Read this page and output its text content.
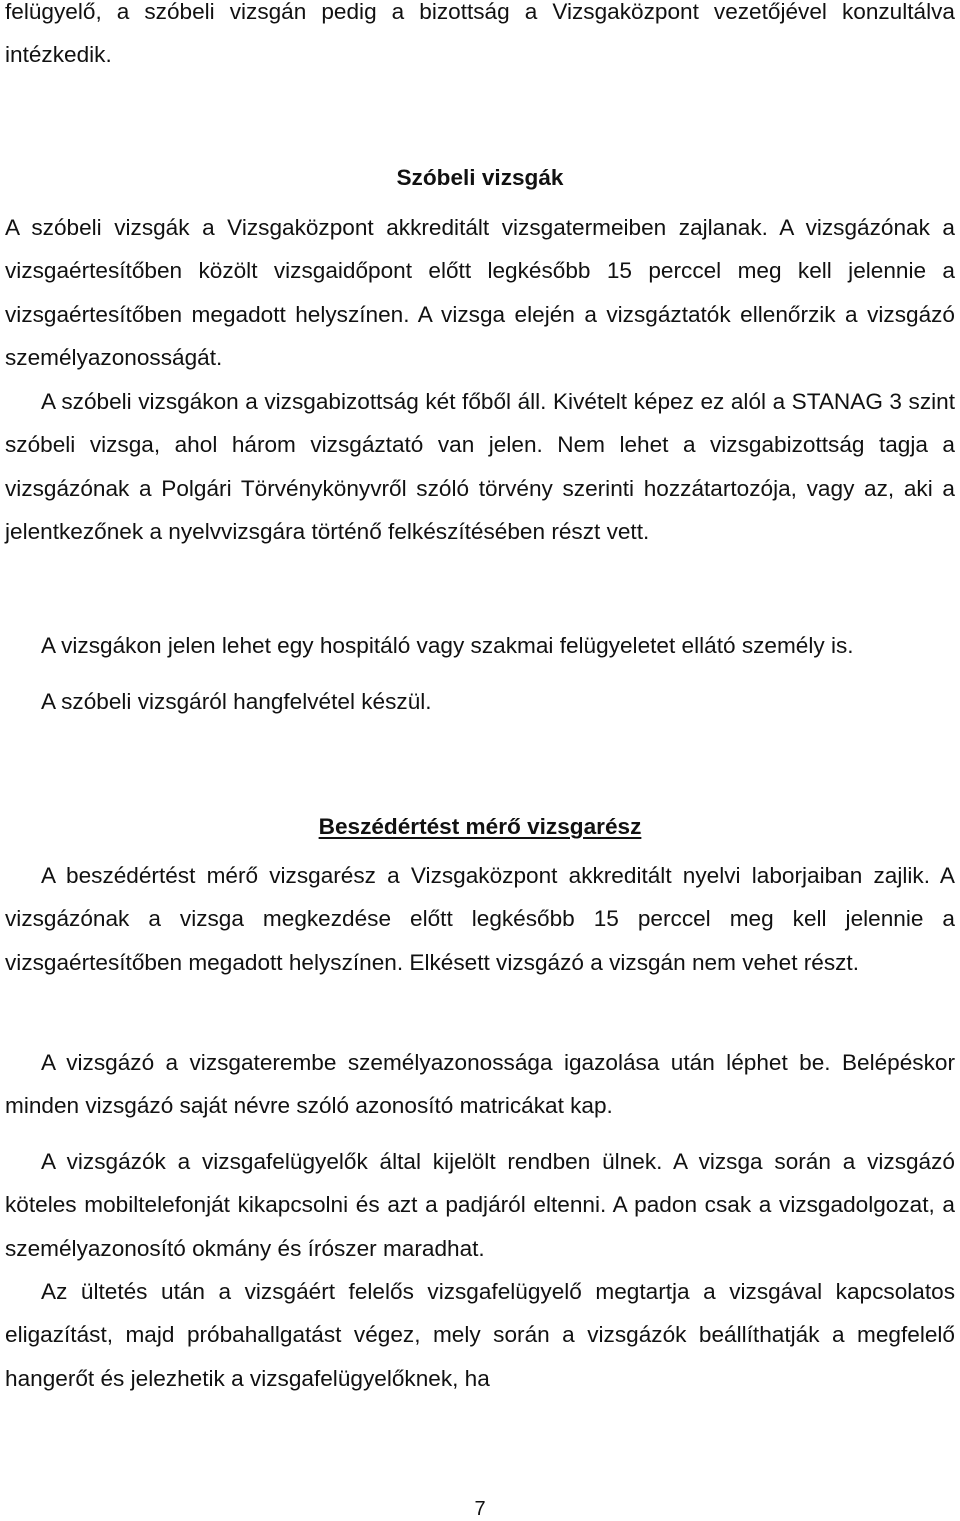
felügyelő, a szóbeli vizsgán pedig a bizottság a Vizsgaközpont vezetőjével konzultálva intézkedik.

Szóbeli vizsgák

A szóbeli vizsgák a Vizsgaközpont akkreditált vizsgatermeiben zajlanak. A vizsgázónak a vizsgaértesítőben közölt vizsgaidőpont előtt legkésőbb 15 perccel meg kell jelennie a vizsgaértesítőben megadott helyszínen. A vizsga elején a vizsgáztatók ellenőrzik a vizsgázó személyazonosságát.

A szóbeli vizsgákon a vizsgabizottság két főből áll. Kivételt képez ez alól a STANAG 3 szint szóbeli vizsga, ahol három vizsgáztató van jelen. Nem lehet a vizsgabizottság tagja a vizsgázónak a Polgári Törvénykönyvről szóló törvény szerinti hozzátartozója, vagy az, aki a jelentkezőnek a nyelvvizsgára történő felkészítésében részt vett.

A vizsgákon jelen lehet egy hospitáló vagy szakmai felügyeletet ellátó személy is.

A szóbeli vizsgáról hangfelvétel készül.

Beszédértést mérő vizsgarész

A beszédértést mérő vizsgarész a Vizsgaközpont akkreditált nyelvi laborjaiban zajlik. A vizsgázónak a vizsga megkezdése előtt legkésőbb 15 perccel meg kell jelennie a vizsgaértesítőben megadott helyszínen. Elkésett vizsgázó a vizsgán nem vehet részt.

A vizsgázó a vizsgaterembe személyazonossága igazolása után léphet be. Belépéskor minden vizsgázó saját névre szóló azonosító matricákat kap.

A vizsgázók a vizsgafelügyelők által kijelölt rendben ülnek. A vizsga során a vizsgázó köteles mobiltelefonját kikapcsolni és azt a padjáról eltenni. A padon csak a vizsgadolgozat, a személyazonosító okmány és írószer maradhat.

Az ültetés után a vizsgáért felelős vizsgafelügyelő megtartja a vizsgával kapcsolatos eligazítást, majd próbahallgatást végez, mely során a vizsgázók beállíthatják a megfelelő hangerőt és jelezhetik a vizsgafelügyelőknek, ha

7
